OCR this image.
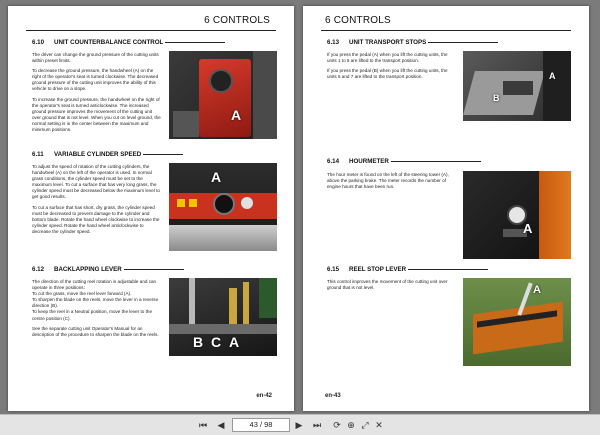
6 CONTROLS
6.10 UNIT COUNTERBALANCE CONTROL

The driver can change the ground pressure of the cutting units within preset limits.

To decrease the ground pressure, the handwheel (A) on the right of the operator's seat is turned clockwise. The decreased ground pressure of the cutting unit improves the ability of this vehicle to drive on a slope.

To increase the ground pressure, the handwheel on the right of the operator's seat is turned anticlockwise. The increased ground pressure improves the movement of the cutting unit over ground that is not level. When you cut on level ground, the normal setting is in the center between the maximum and minimum positions.

A
6.11 VARIABLE CYLINDER SPEED

To adjust the speed of rotation of the cutting cylinders, the handwheel (A) on the left of the operator is used. In normal grass conditions, the cylinder speed must be set to the maximum level. To cut a surface that has very long grass, the cylinder speed must be decreased below the maximum level to get good results.

To cut a surface that has short, dry grass, the cylinder speed must be decreased to prevent damage to the cylinder and bottom blade. Rotate the hand wheel clockwise to increase the cylinder speed. Rotate the hand wheel anticlockwise to decrease the cylinder speed.

A
6.12 BACKLAPPING LEVER

The direction of the cutting reel rotation is adjustable and can operate in three positions:

To cut the grass, move the reel lever forward (A).

To sharpen the blade on the reels, move the lever in a reverse direction (B).

To keep the reel in a Neutral position, move the lever to the centre position (C).

See the separate cutting unit Operator's Manual for an description of the procedure to sharpen the blade on the reels. B C A
en-42
6 CONTROLS
6.13 UNIT TRANSPORT STOPS

If you press the pedal (A) when you lift the cutting units, the units 1 to 5 are lifted to the transport position.

If you press the pedal (B) when you lift the cutting units, the units 6 and 7 are lifted to the transport position.	A
B
6.14 HOURMETER

The hour meter is found on the left of the steering tower (A), above the parking brake. The meter records the number of engine hours that have been run.

A
6.15 REEL STOP LEVER

This control improves the movement of the cutting unit over ground that is not level.	A
en-43
⏮ ◀	43 / 98	▶ ⏭ ⟳ ⊕ ⤢ ✕
